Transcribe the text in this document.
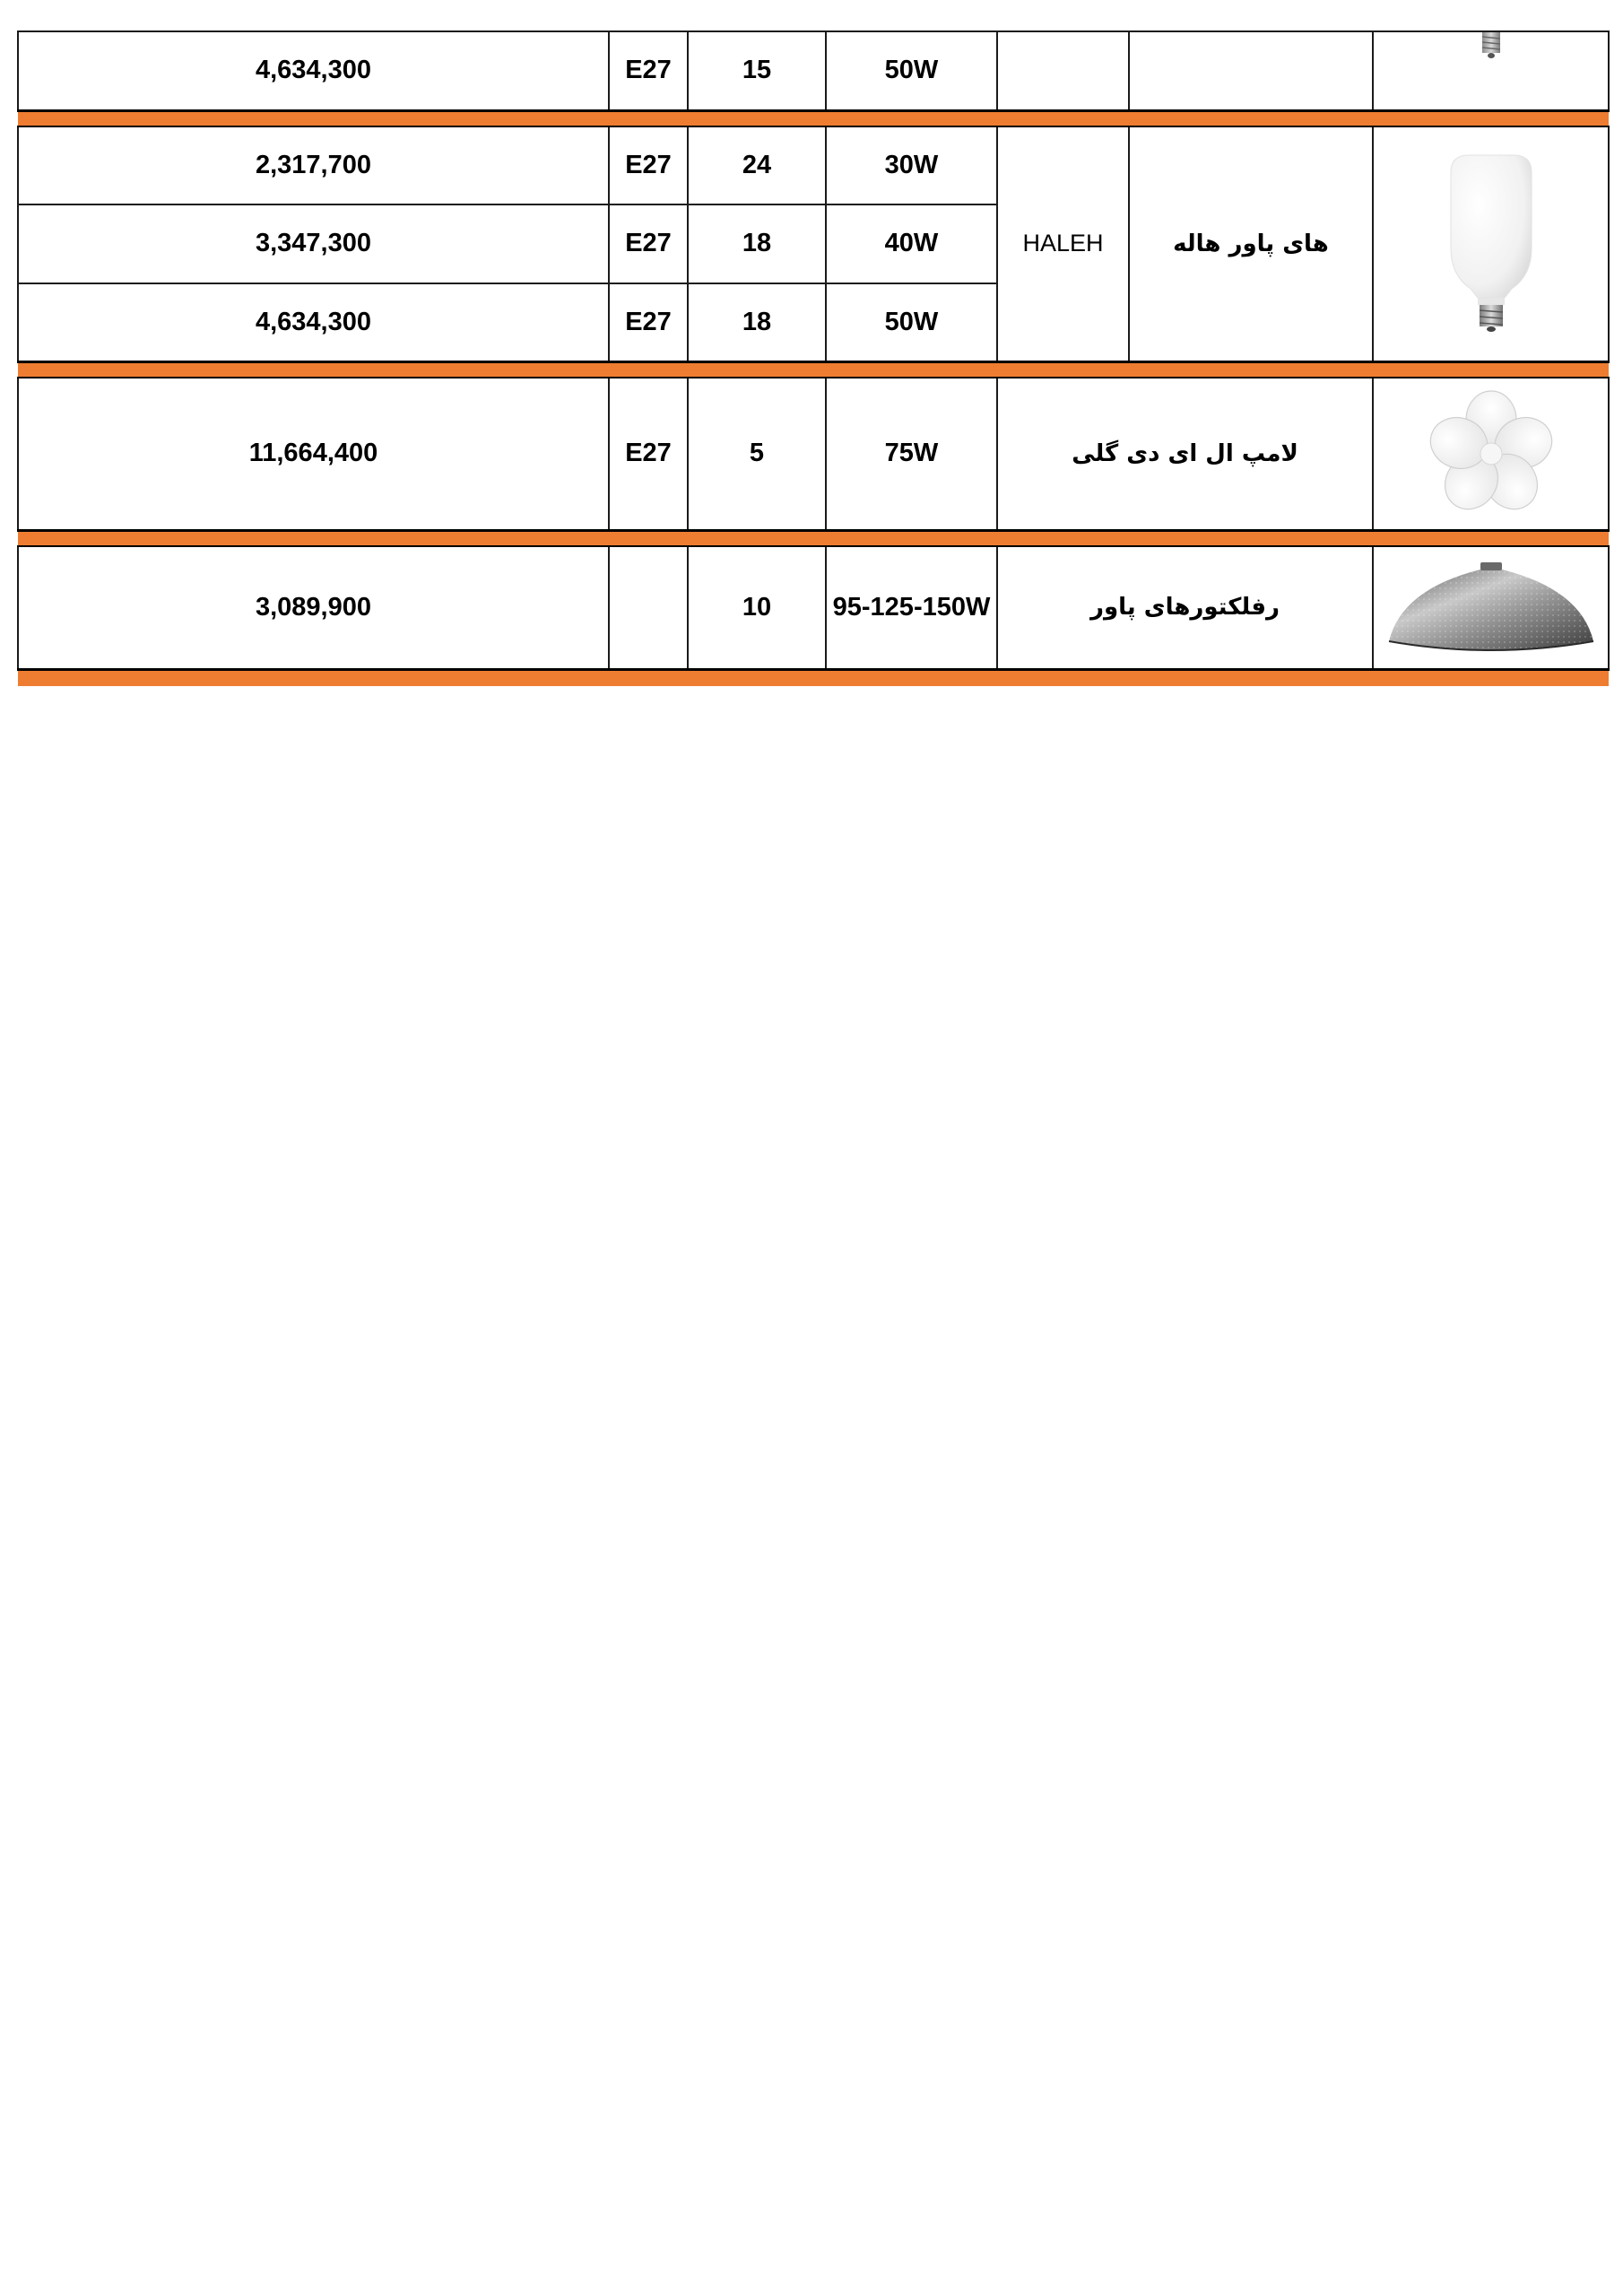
4,634,300	E27	15	50W			

2,317,700	E27	24	30W	HALEH	های پاور هاله	

3,347,300	E27	18	40W			
4,634,300	E27	18	50W			

11,664,400	E27	5	75W	لامپ ال ای دی گلی	

3,089,900		10	95-125-150W	رفلکتورهای پاور	
